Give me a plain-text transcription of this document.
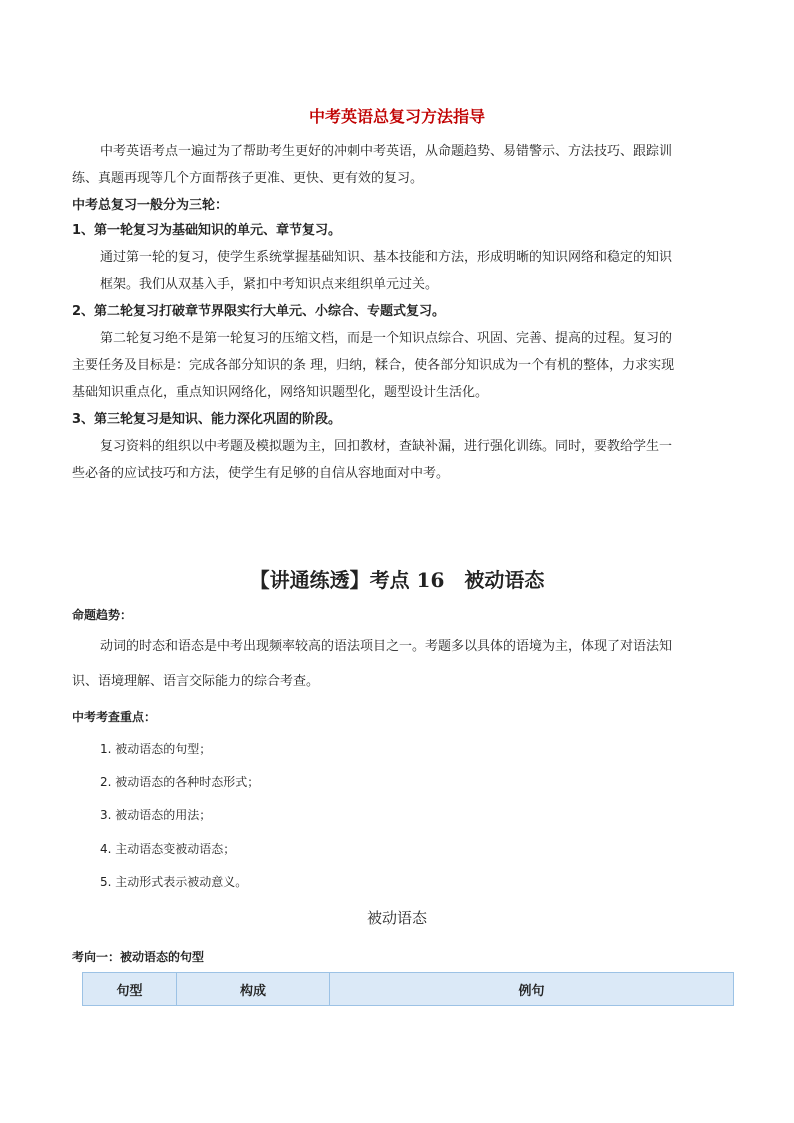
中考英语总复习方法指导
中考英语考点一遍过为了帮助考生更好的冲刺中考英语，从命题趋势、易错警示、方法技巧、跟踪训
练、真题再现等几个方面帮孩子更准、更快、更有效的复习。
中考总复习一般分为三轮：
1、第一轮复习为基础知识的单元、章节复习。
通过第一轮的复习，使学生系统掌握基础知识、基本技能和方法，形成明晰的知识网络和稳定的知识
框架。我们从双基入手，紧扣中考知识点来组织单元过关。
2、第二轮复习打破章节界限实行大单元、小综合、专题式复习。
第二轮复习绝不是第一轮复习的压缩文档，而是一个知识点综合、巩固、完善、提高的过程。复习的
主要任务及目标是：完成各部分知识的条 理，归纳，糅合，使各部分知识成为一个有机的整体，力求实现
基础知识重点化，重点知识网络化，网络知识题型化，题型设计生活化。
3、第三轮复习是知识、能力深化巩固的阶段。
复习资料的组织以中考题及模拟题为主，回扣教材，查缺补漏，进行强化训练。同时，要教给学生一
些必备的应试技巧和方法，使学生有足够的自信从容地面对中考。
【讲通练透】考点 16　被动语态
命题趋势：
动词的时态和语态是中考出现频率较高的语法项目之一。考题多以具体的语境为主，体现了对语法知
识、语境理解、语言交际能力的综合考查。
中考考查重点：
1. 被动语态的句型；
2. 被动语态的各种时态形式；
3. 被动语态的用法；
4. 主动语态变被动语态；
5. 主动形式表示被动意义。
被动语态
考向一：被动语态的句型
句型	构成	例句
